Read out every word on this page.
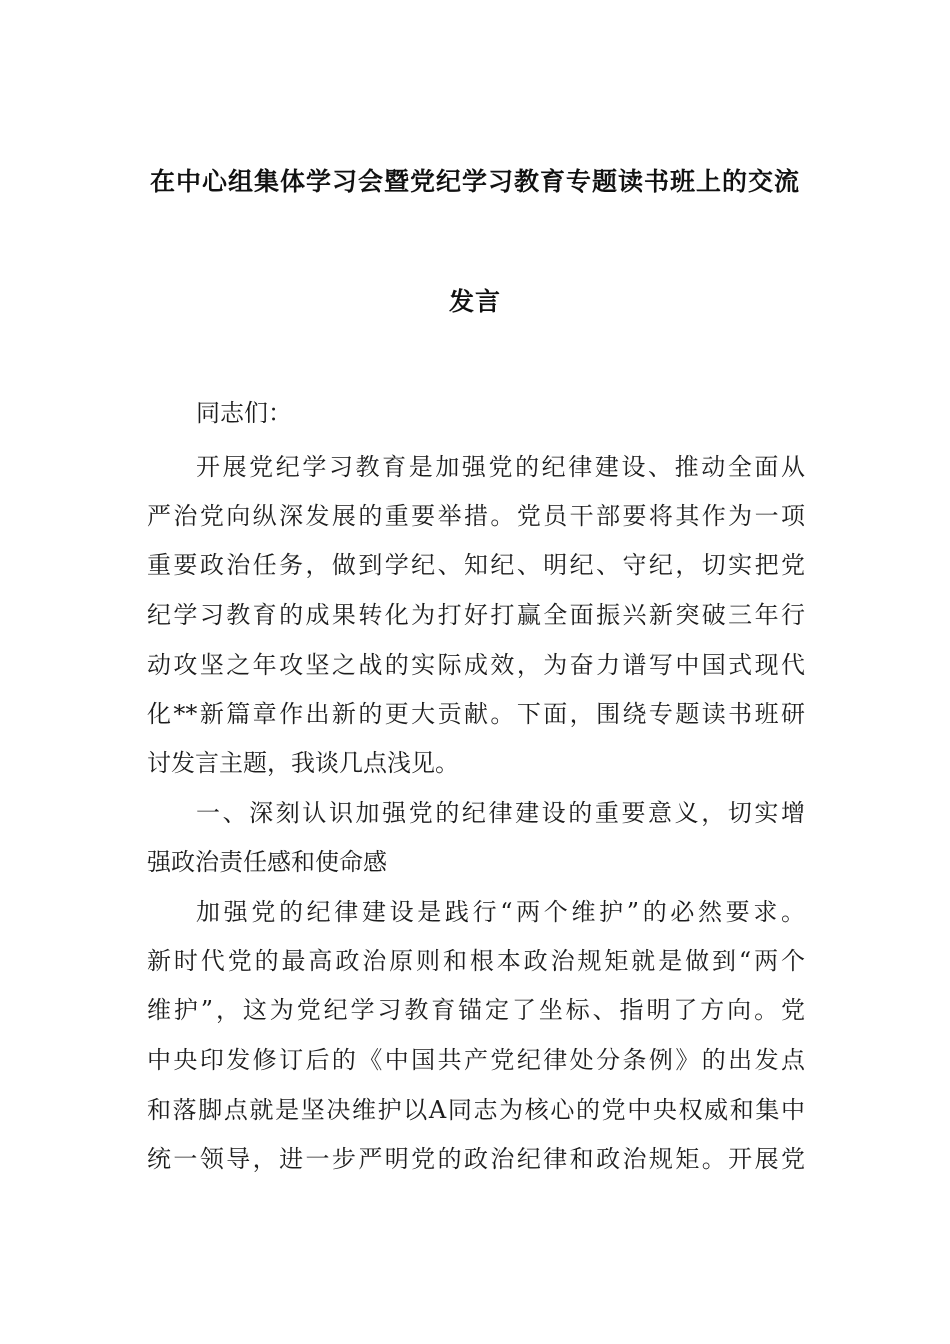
在中心组集体学习会暨党纪学习教育专题读书班上的交流
发言
同志们：
开展党纪学习教育是加强党的纪律建设、推动全面从
严治党向纵深发展的重要举措。党员干部要将其作为一项
重要政治任务，做到学纪、知纪、明纪、守纪，切实把党
纪学习教育的成果转化为打好打赢全面振兴新突破三年行
动攻坚之年攻坚之战的实际成效，为奋力谱写中国式现代
化**新篇章作出新的更大贡献。下面，围绕专题读书班研
讨发言主题，我谈几点浅见。
一、深刻认识加强党的纪律建设的重要意义，切实增
强政治责任感和使命感
加强党的纪律建设是践行“两个维护”的必然要求。
新时代党的最高政治原则和根本政治规矩就是做到“两个
维护”，这为党纪学习教育锚定了坐标、指明了方向。党
中央印发修订后的《中国共产党纪律处分条例》的出发点
和落脚点就是坚决维护以A同志为核心的党中央权威和集中
统一领导，进一步严明党的政治纪律和政治规矩。开展党
